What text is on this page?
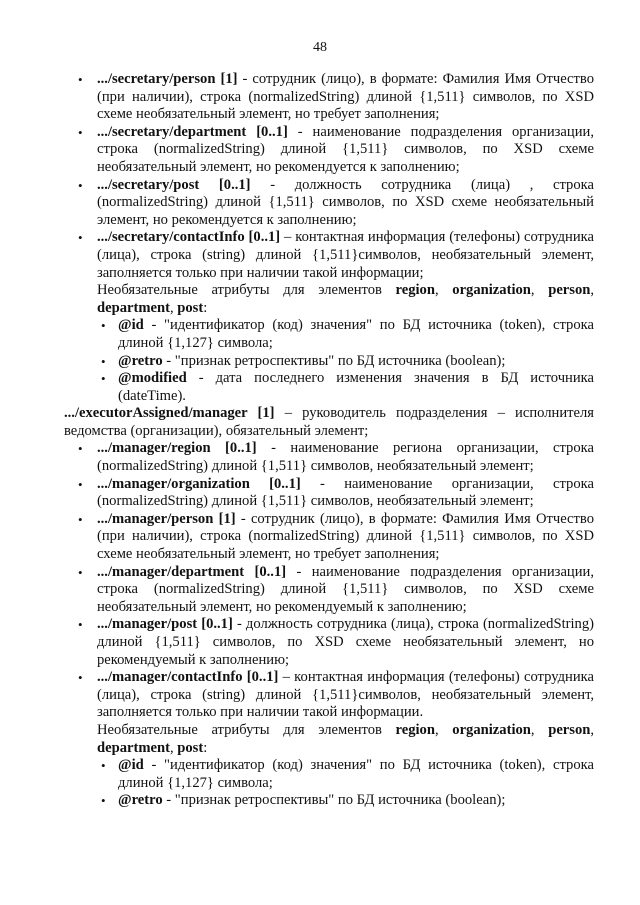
48
• .../secretary/person [1] - сотрудник (лицо), в формате: Фамилия Имя Отчество (при наличии), строка (normalizedString) длиной {1,511} символов, по XSD схеме необязательный элемент, но требует заполнения;
• .../secretary/department [0..1] - наименование подразделения организации, строка (normalizedString) длиной {1,511} символов, по XSD схеме необязательный элемент, но рекомендуется к заполнению;
• .../secretary/post [0..1] - должность сотрудника (лица) , строка (normalizedString) длиной {1,511} символов, по XSD схеме необязательный элемент, но рекомендуется к заполнению;
• .../secretary/contactInfo [0..1] – контактная информация (телефоны) сотрудника (лица), строка (string) длиной {1,511}символов, необязательный элемент, заполняется только при наличии такой информации;
Необязательные атрибуты для элементов region, organization, person, department, post:
• @id - "идентификатор (код) значения" по БД источника (token), строка длиной {1,127} символа;
• @retro - "признак ретроспективы" по БД источника (boolean);
• @modified - дата последнего изменения значения в БД источника (dateTime).
.../executorAssigned/manager [1] – руководитель подразделения – исполнителя ведомства (организации), обязательный элемент;
• .../manager/region [0..1] - наименование региона организации, строка (normalizedString) длиной {1,511} символов, необязательный элемент;
• .../manager/organization [0..1] - наименование организации, строка (normalizedString) длиной {1,511} символов, необязательный элемент;
• .../manager/person [1] - сотрудник (лицо), в формате: Фамилия Имя Отчество (при наличии), строка (normalizedString) длиной {1,511} символов, по XSD схеме необязательный элемент, но требует заполнения;
• .../manager/department [0..1] - наименование подразделения организации, строка (normalizedString) длиной {1,511} символов, по XSD схеме необязательный элемент, но рекомендуемый к заполнению;
• .../manager/post [0..1] - должность сотрудника (лица), строка (normalizedString) длиной {1,511} символов, по XSD схеме необязательный элемент, но рекомендуемый к заполнению;
• .../manager/contactInfo [0..1] – контактная информация (телефоны) сотрудника (лица), строка (string) длиной {1,511}символов, необязательный элемент, заполняется только при наличии такой информации.
Необязательные атрибуты для элементов region, organization, person, department, post:
• @id - "идентификатор (код) значения" по БД источника (token), строка длиной {1,127} символа;
• @retro - "признак ретроспективы" по БД источника (boolean);
